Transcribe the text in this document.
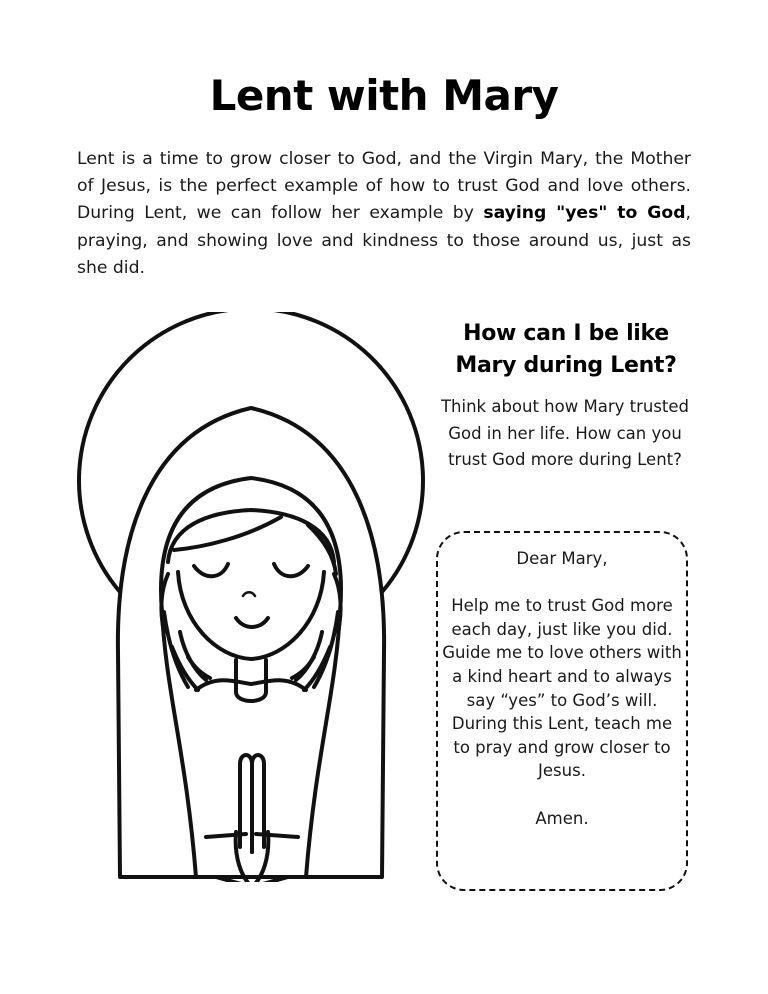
Lent with Mary

Lent is a time to grow closer to God, and the Virgin Mary, the Mother of Jesus, is the perfect example of how to trust God and love others. During Lent, we can follow her example by saying "yes" to God, praying, and showing love and kindness to those around us, just as she did.

How can I be like Mary during Lent?

Think about how Mary trusted God in her life. How can you trust God more during Lent?

Dear Mary,

Help me to trust God more each day, just like you did. Guide me to love others with a kind heart and to always say “yes” to God’s will. During this Lent, teach me to pray and grow closer to Jesus.

Amen.
